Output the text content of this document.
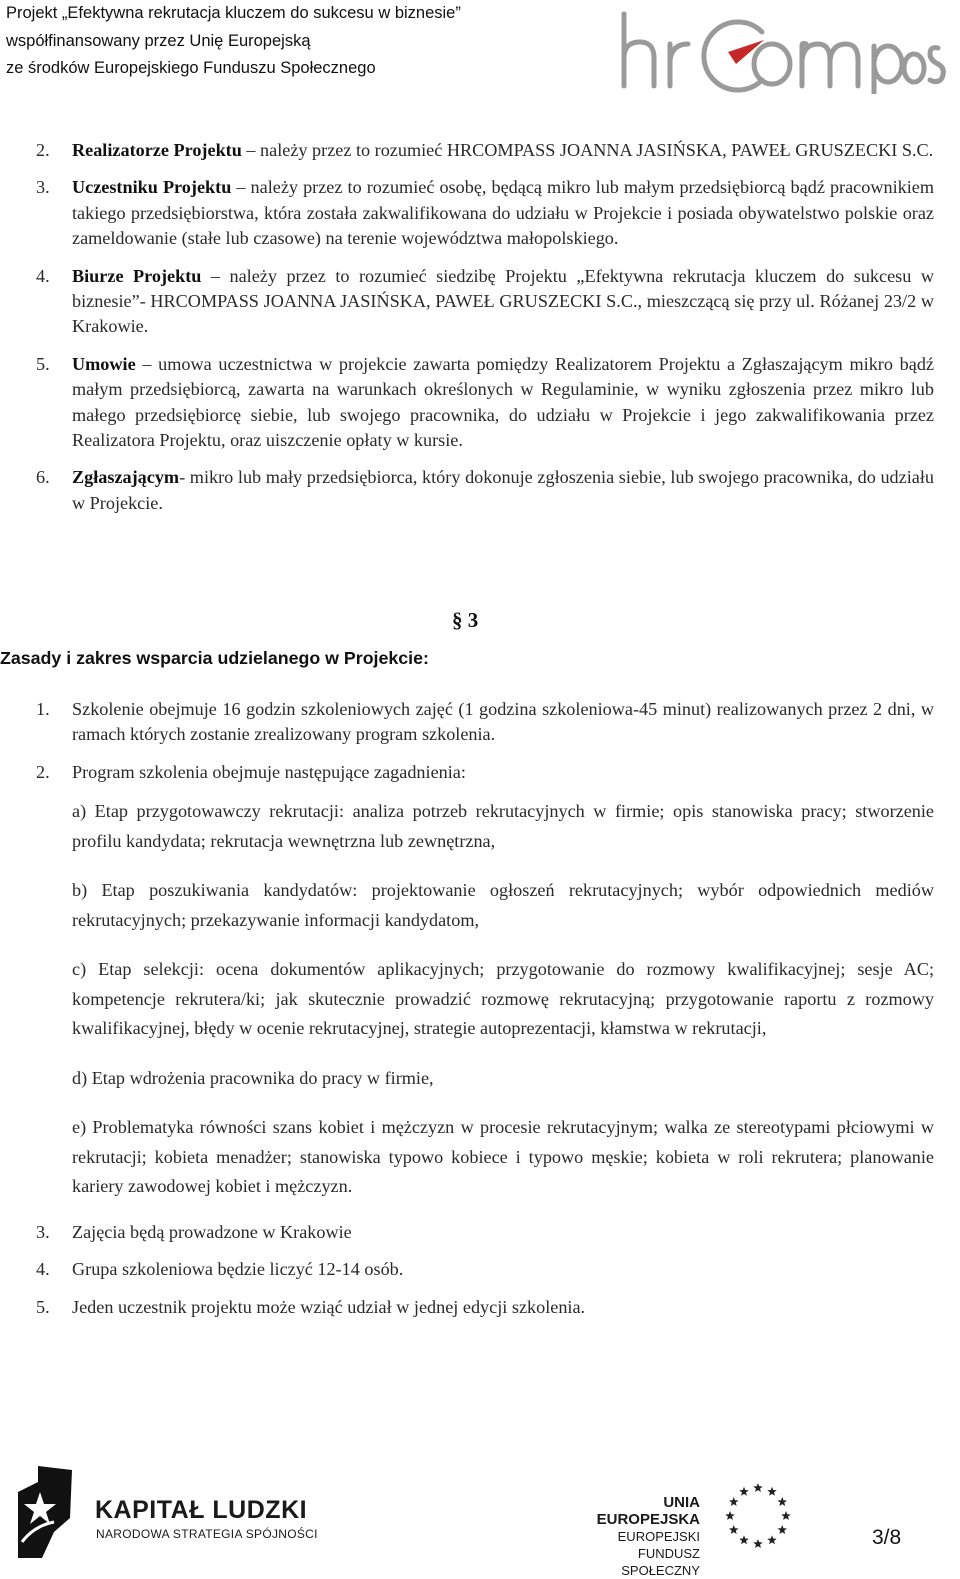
Projekt „Efektywna rekrutacja kluczem do sukcesu w biznesie”
współfinansowany przez Unię Europejską
ze środków Europejskiego Funduszu Społecznego
2.	Realizatorze Projektu – należy przez to rozumieć HRCOMPASS JOANNA JASIŃSKA, PAWEŁ GRUSZECKI S.C.
3.	Uczestniku Projektu – należy przez to rozumieć osobę, będącą mikro lub małym przedsiębiorcą bądź pracownikiem takiego przedsiębiorstwa, która została zakwalifikowana do udziału w Projekcie i posiada obywatelstwo polskie oraz zameldowanie (stałe lub czasowe) na terenie województwa małopolskiego.
4.	Biurze Projektu – należy przez to rozumieć siedzibę Projektu „Efektywna rekrutacja kluczem do sukcesu w biznesie”- HRCOMPASS JOANNA JASIŃSKA, PAWEŁ GRUSZECKI S.C., mieszczącą się przy ul. Różanej 23/2 w Krakowie.
5.	Umowie – umowa uczestnictwa w projekcie zawarta pomiędzy Realizatorem Projektu a Zgłaszającym mikro bądź małym przedsiębiorcą, zawarta na warunkach określonych w Regulaminie, w wyniku zgłoszenia przez mikro lub małego przedsiębiorcę siebie, lub swojego pracownika, do udziału w Projekcie i jego zakwalifikowania przez Realizatora Projektu, oraz uiszczenie opłaty w kursie.
6.	Zgłaszającym- mikro lub mały przedsiębiorca, który dokonuje zgłoszenia siebie, lub swojego pracownika, do udziału w Projekcie.
§ 3
Zasady i zakres wsparcia udzielanego w Projekcie:
1.	Szkolenie obejmuje 16 godzin szkoleniowych zajęć (1 godzina szkoleniowa-45 minut) realizowanych przez 2 dni, w ramach których zostanie zrealizowany program szkolenia.
2.	Program szkolenia obejmuje następujące zagadnienia:
a) Etap przygotowawczy rekrutacji: analiza potrzeb rekrutacyjnych w firmie; opis stanowiska pracy; stworzenie profilu kandydata; rekrutacja wewnętrzna lub zewnętrzna,
b) Etap poszukiwania kandydatów: projektowanie ogłoszeń rekrutacyjnych; wybór odpowiednich mediów rekrutacyjnych; przekazywanie informacji kandydatom,
c) Etap selekcji: ocena dokumentów aplikacyjnych; przygotowanie do rozmowy kwalifikacyjnej; sesje AC; kompetencje rekrutera/ki; jak skutecznie prowadzić rozmowę rekrutacyjną; przygotowanie raportu z rozmowy kwalifikacyjnej, błędy w ocenie rekrutacyjnej, strategie autoprezentacji, kłamstwa w rekrutacji,
d) Etap wdrożenia pracownika do pracy w firmie,
e) Problematyka równości szans kobiet i mężczyzn w procesie rekrutacyjnym; walka ze stereotypami płciowymi w rekrutacji; kobieta menadżer; stanowiska typowo kobiece i typowo męskie; kobieta w roli rekrutera; planowanie kariery zawodowej kobiet i mężczyzn.
3.	Zajęcia będą prowadzone w Krakowie
4.	Grupa szkoleniowa będzie liczyć 12-14 osób.
5.	Jeden uczestnik projektu może wziąć udział w jednej edycji szkolenia.
KAPITAŁ LUDZKI
NARODOWA STRATEGIA SPÓJNOŚCI
UNIA EUROPEJSKA
EUROPEJSKI
FUNDUSZ SPOŁECZNY
3/8
